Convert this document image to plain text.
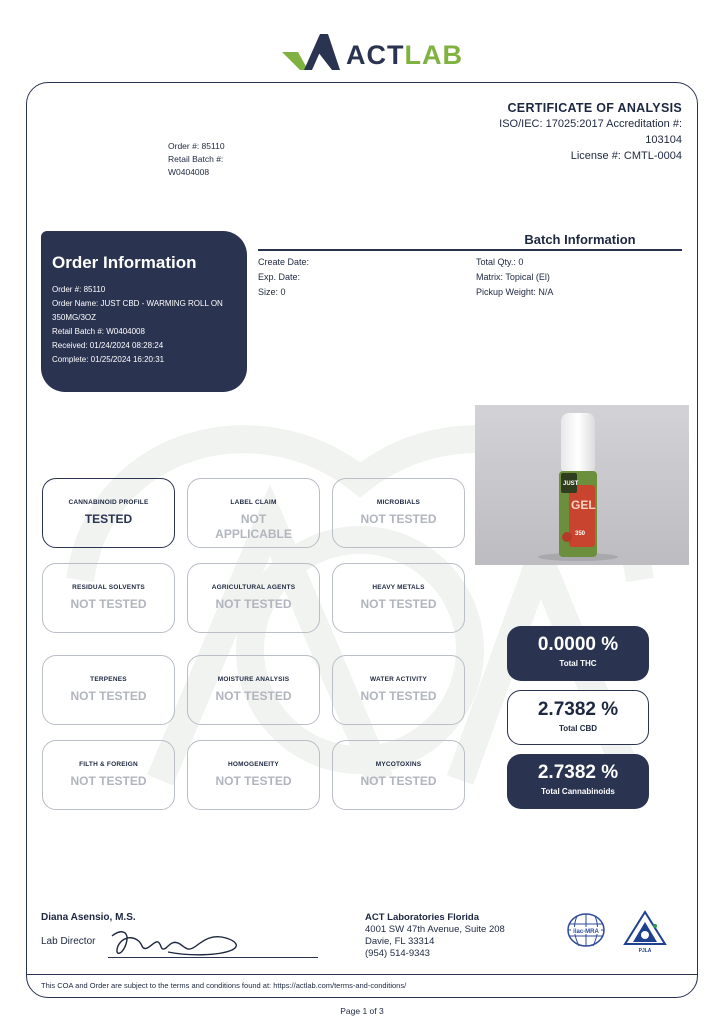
ACTLAB
CERTIFICATE OF ANALYSIS
ISO/IEC: 17025:2017 Accreditation #:
103104
License #: CMTL-0004
Order #: 85110
Retail Batch #:
W0404008
Order Information
Order #: 85110
Order Name: JUST CBD - WARMING ROLL ON
350MG/3OZ
Retail Batch #: W0404008
Received: 01/24/2024 08:28:24
Complete: 01/25/2024 16:20:31
Batch Information
Create Date:	Total Qty.: 0
Exp. Date:	Matrix: Topical (El)
Size: 0	Pickup Weight: N/A
JUST
GEL
350
CANNABINOID PROFILE
TESTED
LABEL CLAIM
NOT
APPLICABLE
MICROBIALS
NOT TESTED
RESIDUAL SOLVENTS
NOT TESTED
AGRICULTURAL AGENTS
NOT TESTED
HEAVY METALS
NOT TESTED
TERPENES
NOT TESTED
MOISTURE ANALYSIS
NOT TESTED
WATER ACTIVITY
NOT TESTED
FILTH & FOREIGN
NOT TESTED
HOMOGENEITY
NOT TESTED
MYCOTOXINS
NOT TESTED
0.0000 %
Total THC
2.7382 %
Total CBD
2.7382 %
Total Cannabinoids
Diana Asensio, M.S.
Lab Director
ACT Laboratories Florida
4001 SW 47th Avenue, Suite 208
Davie, FL 33314
(954) 514-9343
ilac-MRA
PJLA
This COA and Order are subject to the terms and conditions found at: https://actlab.com/terms-and-conditions/
Page 1 of 3
